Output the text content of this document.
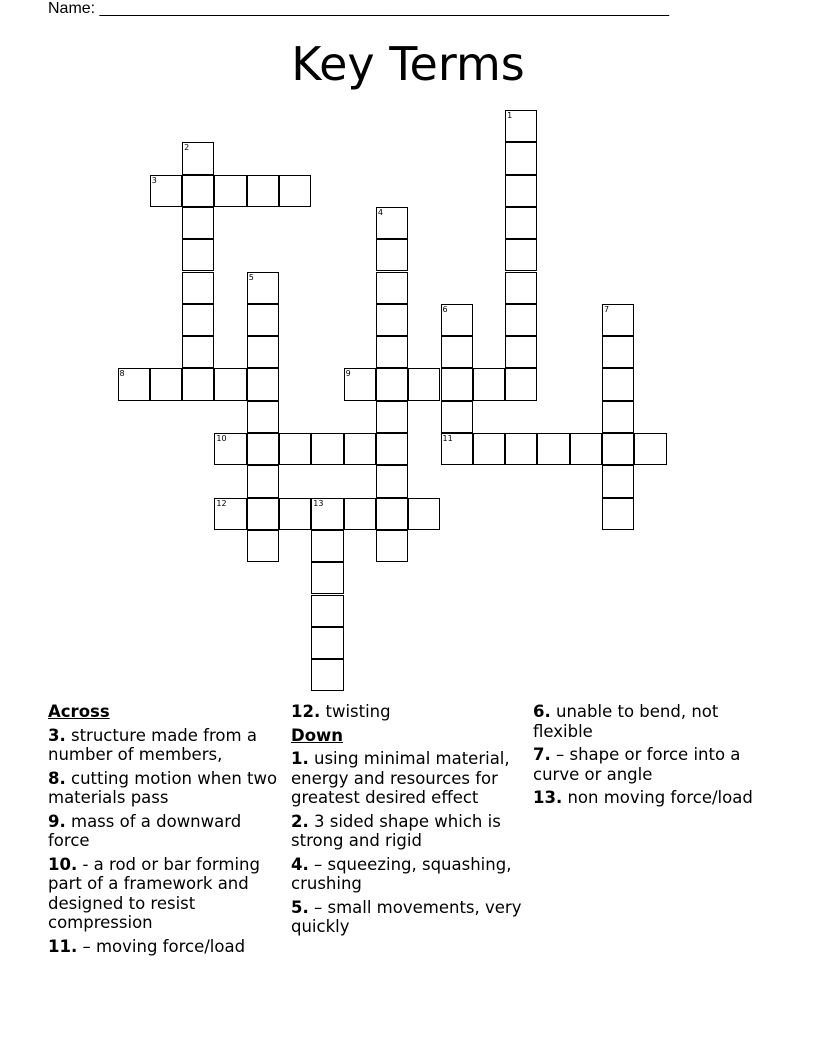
Name: ________________________________________________________________
Key Terms
1
2
3
4
5
6	7
8	9
10	11
12	13
Across
3. structure made from a number of members,
8. cutting motion when two materials pass
9. mass of a downward force
10. - a rod or bar forming part of a framework and designed to resist compression
11. – moving force/load
12. twisting
Down
1. using minimal material, energy and resources for greatest desired effect
2. 3 sided shape which is strong and rigid
4. – squeezing, squashing, crushing
5. – small movements, very quickly
6. unable to bend, not flexible
7. – shape or force into a curve or angle
13. non moving force/load
